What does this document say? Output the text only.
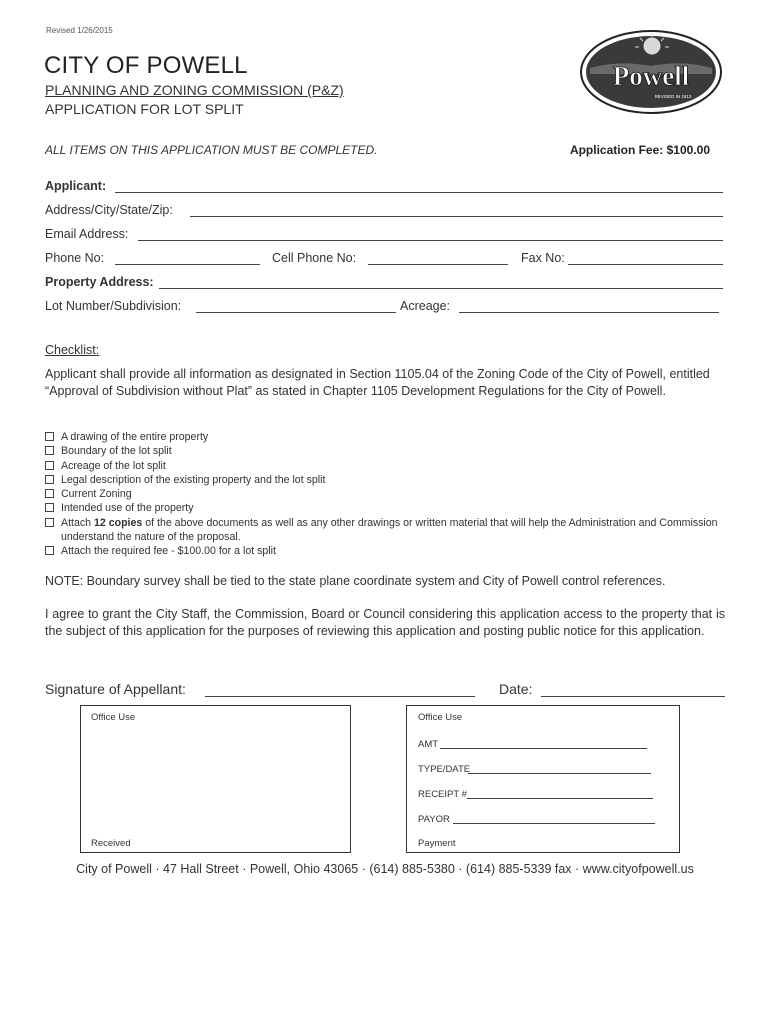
Revised 1/26/2015
CITY OF POWELL
PLANNING AND ZONING COMMISSION (P&Z)
APPLICATION FOR LOT SPLIT
ALL ITEMS ON THIS APPLICATION MUST BE COMPLETED.	Application Fee: $100.00
Powell
REVISED IN 1813
Applicant:
Address/City/State/Zip:
Email Address:
Phone No:	Cell Phone No:	Fax No:
Property Address:
Lot Number/Subdivision:	Acreage:
Checklist:
Applicant shall provide all information as designated in Section 1105.04 of the Zoning Code of the City of Powell, entitled “Approval of Subdivision without Plat” as stated in Chapter 1105 Development Regulations for the City of Powell.
A drawing of the entire property
Boundary of the lot split
Acreage of the lot split
Legal description of the existing property and the lot split
Current Zoning
Intended use of the property
Attach 12 copies of the above documents as well as any other drawings or written material that will help the Administration and Commission understand the nature of the proposal.
Attach the required fee - $100.00 for a lot split
NOTE: Boundary survey shall be tied to the state plane coordinate system and City of Powell control references.
I agree to grant the City Staff, the Commission, Board or Council considering this application access to the property that is the subject of this application for the purposes of reviewing this application and posting public notice for this application.
Signature of Appellant:	Date:
Office Use
Received
Office Use
AMT
TYPE/DATE
RECEIPT #
PAYOR
Payment
City of Powell · 47 Hall Street · Powell, Ohio 43065 · (614) 885-5380 · (614) 885-5339 fax · www.cityofpowell.us
